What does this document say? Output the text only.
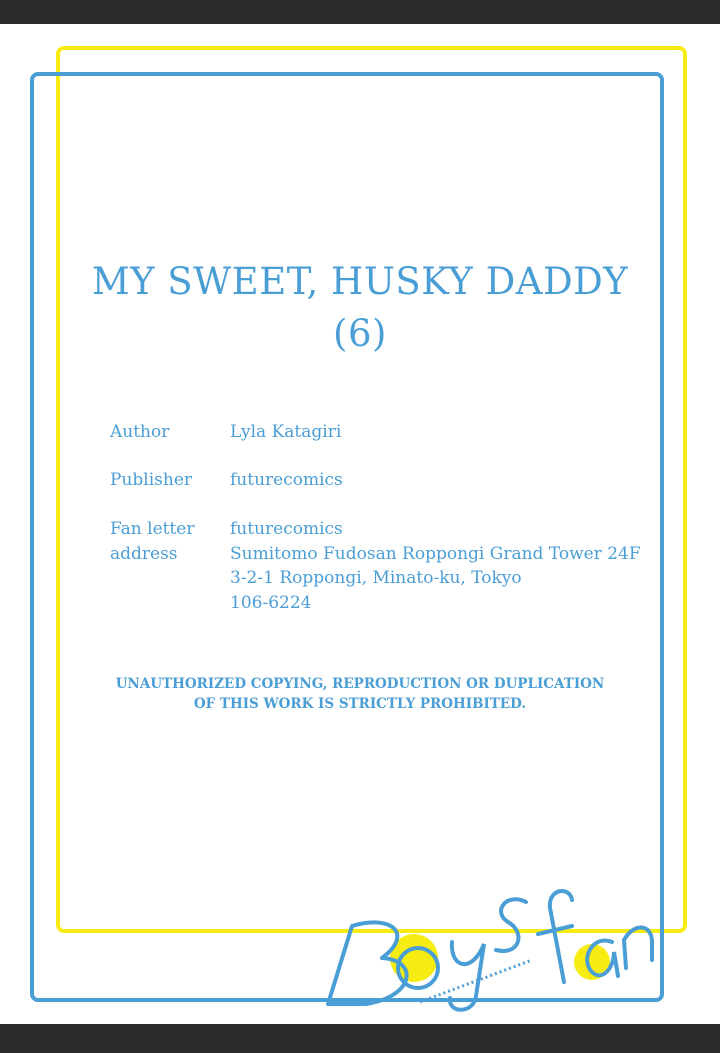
MY SWEET, HUSKY DADDY
(6)
Author	Lyla Katagiri
Publisher futurecomics
Fan letter
address
futurecomics
Sumitomo Fudosan Roppongi Grand Tower 24F
3-2-1 Roppongi, Minato-ku, Tokyo
106-6224
UNAUTHORIZED COPYING, REPRODUCTION OR DUPLICATION
OF THIS WORK IS STRICTLY PROHIBITED.
